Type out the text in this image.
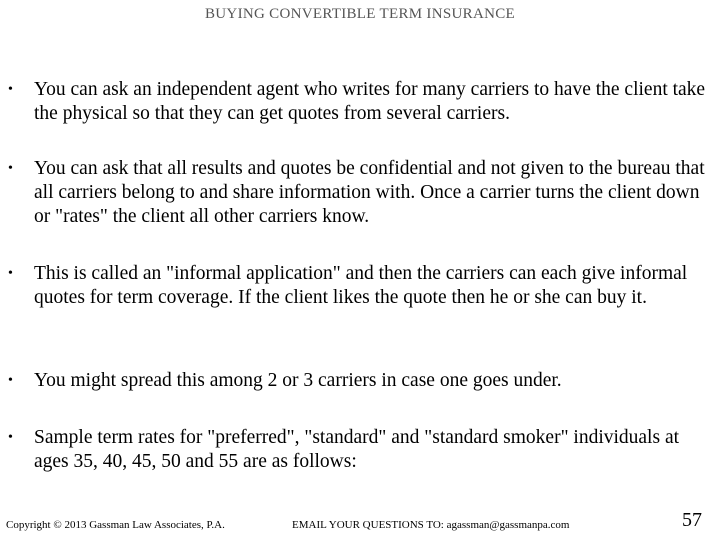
BUYING CONVERTIBLE TERM INSURANCE
•	You can ask an independent agent who writes for many carriers to have the client take the physical so that they can get quotes from several carriers.
•	You can ask that all results and quotes be confidential and not given to the bureau that all carriers belong to and share information with. Once a carrier turns the client down or "rates" the client all other carriers know.
•	This is called an "informal application" and then the carriers can each give informal quotes for term coverage. If the client likes the quote then he or she can buy it.
•	You might spread this among 2 or 3 carriers in case one goes under.
•	Sample term rates for "preferred", "standard" and "standard smoker" individuals at ages 35, 40, 45, 50 and 55 are as follows:
Copyright © 2013 Gassman Law Associates, P.A.	EMAIL YOUR QUESTIONS TO: agassman@gassmanpa.com	57
